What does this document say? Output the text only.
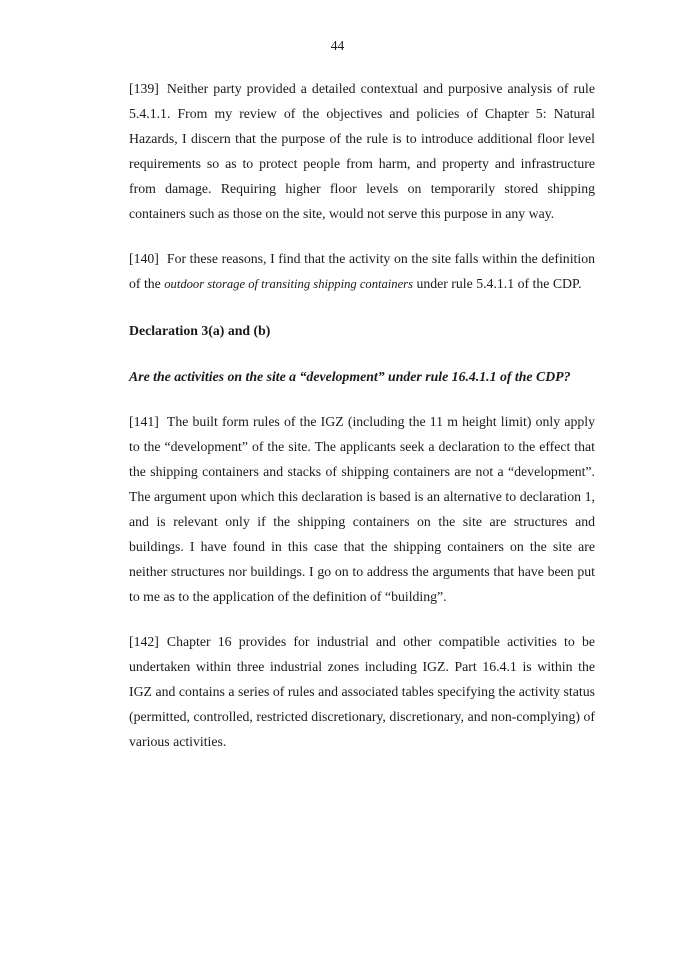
44

[139] Neither party provided a detailed contextual and purposive analysis of rule 5.4.1.1. From my review of the objectives and policies of Chapter 5: Natural Hazards, I discern that the purpose of the rule is to introduce additional floor level requirements so as to protect people from harm, and property and infrastructure from damage. Requiring higher floor levels on temporarily stored shipping containers such as those on the site, would not serve this purpose in any way.

[140] For these reasons, I find that the activity on the site falls within the definition of the outdoor storage of transiting shipping containers under rule 5.4.1.1 of the CDP.

Declaration 3(a) and (b)

Are the activities on the site a “development” under rule 16.4.1.1 of the CDP?

[141] The built form rules of the IGZ (including the 11 m height limit) only apply to the “development” of the site. The applicants seek a declaration to the effect that the shipping containers and stacks of shipping containers are not a “development”. The argument upon which this declaration is based is an alternative to declaration 1, and is relevant only if the shipping containers on the site are structures and buildings. I have found in this case that the shipping containers on the site are neither structures nor buildings. I go on to address the arguments that have been put to me as to the application of the definition of “building”.

[142] Chapter 16 provides for industrial and other compatible activities to be undertaken within three industrial zones including IGZ. Part 16.4.1 is within the IGZ and contains a series of rules and associated tables specifying the activity status (permitted, controlled, restricted discretionary, discretionary, and non-complying) of various activities.
